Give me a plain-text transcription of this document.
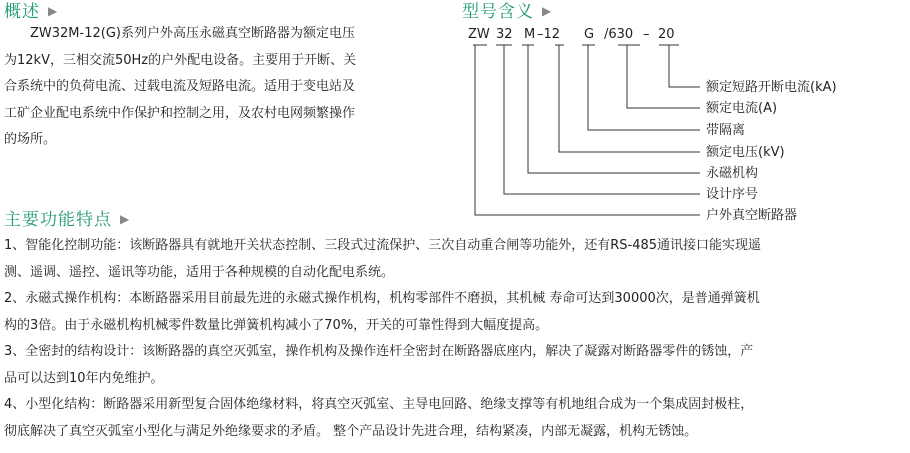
概述 ▶
ZW32M-12(G)系列户外高压永磁真空断路器为额定电压
为12kV，三相交流50Hz的户外配电设备。主要用于开断、关
合系统中的负荷电流、过载电流及短路电流。适用于变电站及
工矿企业配电系统中作保护和控制之用，及农村电网频繁操作
的场所。
型号含义 ▶
ZW 32 M –12 G /630 – 20
额定短路开断电流(kA)
额定电流(A)
带隔离
额定电压(kV)
永磁机构
设计序号
户外真空断路器
主要功能特点 ▶
1、智能化控制功能：该断路器具有就地开关状态控制、三段式过流保护、三次自动重合闸等功能外，还有RS-485通讯接口能实现遥
测、遥调、遥控、遥讯等功能，适用于各种规模的自动化配电系统。
2、永磁式操作机构：本断路器采用目前最先进的永磁式操作机构，机构零部件不磨损，其机械 寿命可达到30000次，是普通弹簧机
构的3倍。由于永磁机构机械零件数量比弹簧机构减小了70%，开关的可靠性得到大幅度提高。
3、全密封的结构设计：该断路器的真空灭弧室，操作机构及操作连杆全密封在断路器底座内，解决了凝露对断路器零件的锈蚀，产
品可以达到10年内免维护。
4、小型化结构：断路器采用新型复合固体绝缘材料，将真空灭弧室、主导电回路、绝缘支撑等有机地组合成为一个集成固封极柱，
彻底解决了真空灭弧室小型化与满足外绝缘要求的矛盾。 整个产品设计先进合理，结构紧凑，内部无凝露，机构无锈蚀。
